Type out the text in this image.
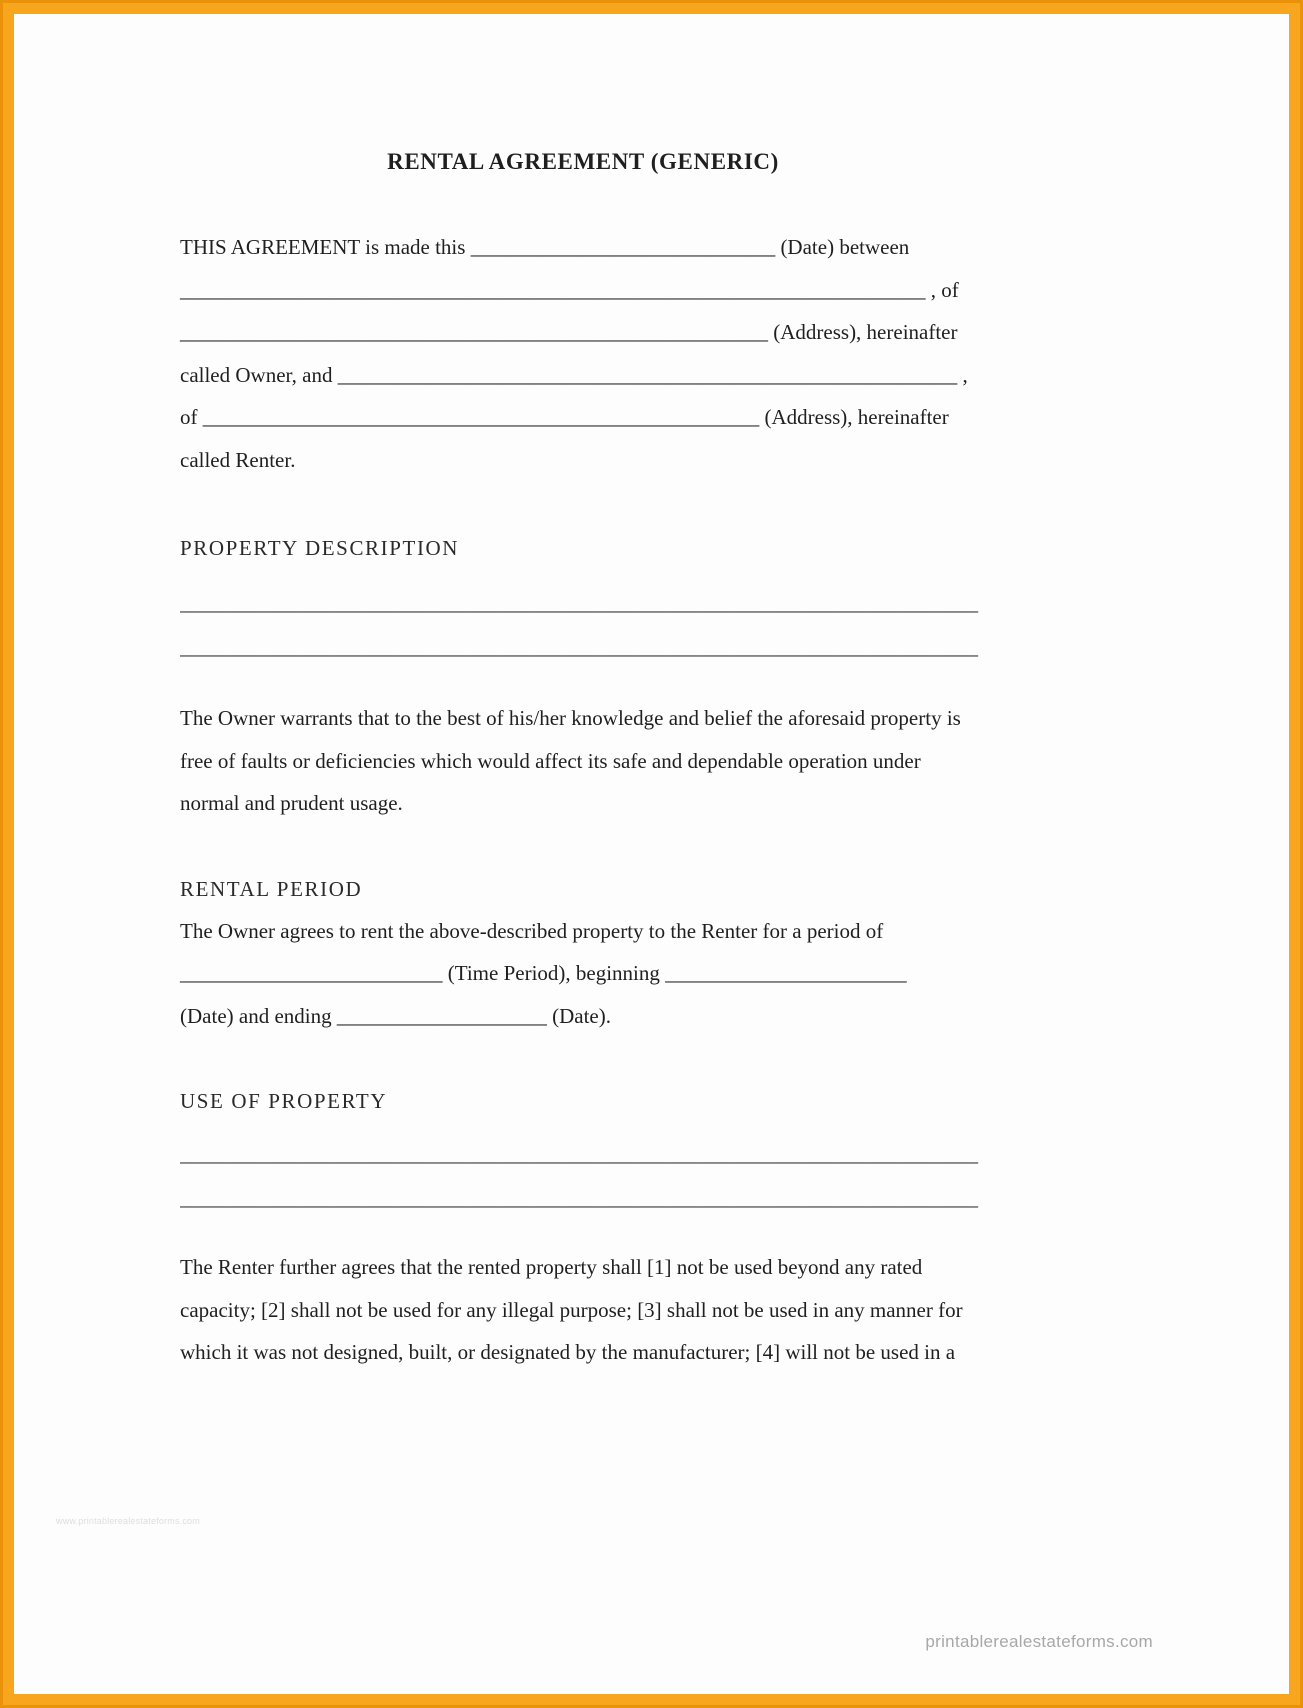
RENTAL AGREEMENT (GENERIC)
THIS AGREEMENT is made this _____________________________ (Date) between
_______________________________________________________________________ , of
________________________________________________________ (Address), hereinafter
called Owner, and ___________________________________________________________ ,
of _____________________________________________________ (Address), hereinafter
called Renter.
PROPERTY DESCRIPTION
____________________________________________________________________________
____________________________________________________________________________
The Owner warrants that to the best of his/her knowledge and belief the aforesaid property is
free of faults or deficiencies which would affect its safe and dependable operation under
normal and prudent usage.
RENTAL PERIOD
The Owner agrees to rent the above-described property to the Renter for a period of
_________________________ (Time Period), beginning _______________________
(Date) and ending ____________________ (Date).
USE OF PROPERTY
____________________________________________________________________________
____________________________________________________________________________
The Renter further agrees that the rented property shall [1] not be used beyond any rated
capacity; [2] shall not be used for any illegal purpose; [3] shall not be used in any manner for
which it was not designed, built, or designated by the manufacturer; [4] will not be used in a
www.printablerealestateforms.com
printablerealestateforms.com
